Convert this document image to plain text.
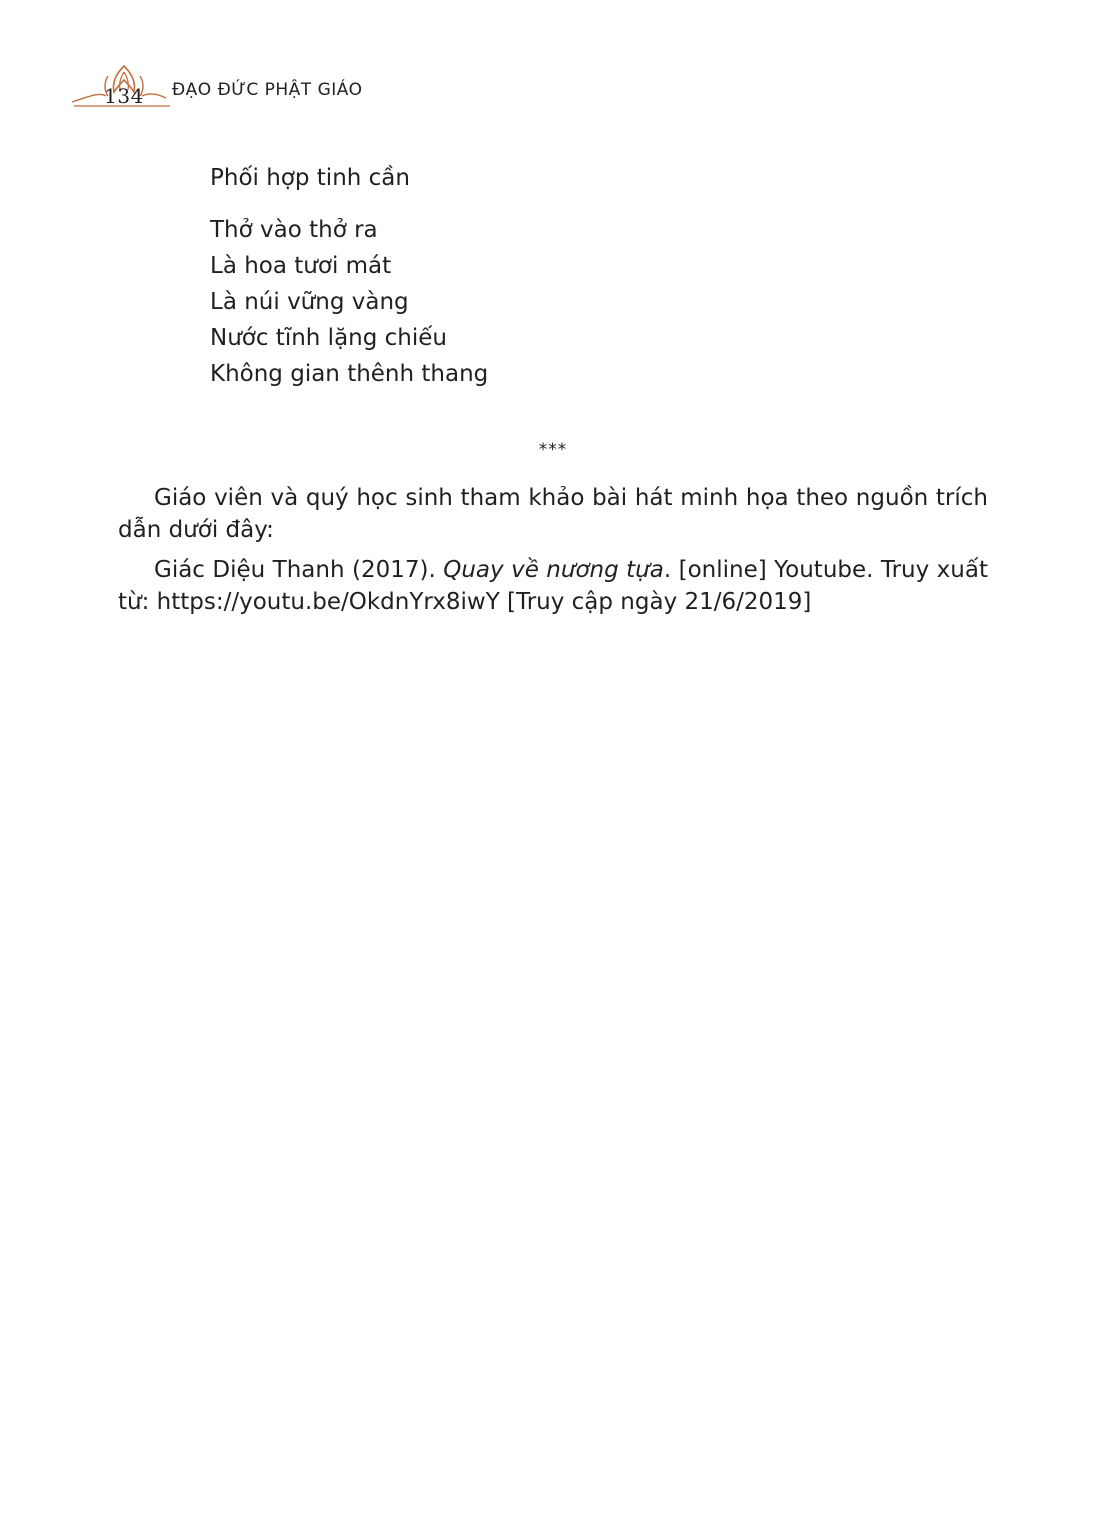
134 ĐẠO ĐỨC PHẬT GIÁO
Phối hợp tinh cần
Thở vào thở ra
Là hoa tươi mát
Là núi vững vàng
Nước tĩnh lặng chiếu
Không gian thênh thang
***

Giáo viên và quý học sinh tham khảo bài hát minh họa theo nguồn trích dẫn dưới đây:

Giác Diệu Thanh (2017). Quay về nương tựa. [online] Youtube. Truy xuất từ: https://youtu.be/OkdnYrx8iwY [Truy cập ngày 21/6/2019]
